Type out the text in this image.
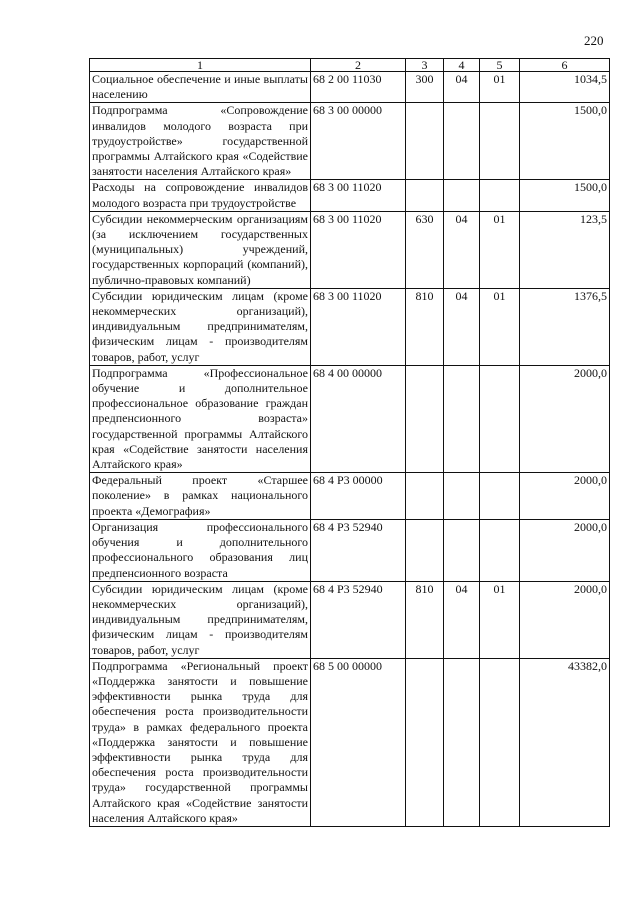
220
1	2	3	4	5	6
Социальное обеспечение и иные выплаты населению	68 2 00 11030	300	04	01	1034,5
Подпрограмма «Сопровождение инвалидов молодого возраста при трудоустройстве» государственной программы Алтайского края «Содействие занятости населения Алтайского края»	68 3 00 00000				1500,0
Расходы на сопровождение инвалидов молодого возраста при трудоустройстве	68 3 00 11020				1500,0
Субсидии некоммерческим организациям (за исключением государственных (муниципальных) учреждений, государственных корпораций (компаний), публично-правовых компаний)	68 3 00 11020	630	04	01	123,5
Субсидии юридическим лицам (кроме некоммерческих организаций), индивидуальным предпринимателям, физическим лицам - производителям товаров, работ, услуг	68 3 00 11020	810	04	01	1376,5
Подпрограмма «Профессиональное обучение и дополнительное профессиональное образование граждан предпенсионного возраста» государственной программы Алтайского края «Содействие занятости населения Алтайского края»	68 4 00 00000				2000,0
Федеральный проект «Старшее поколение» в рамках национального проекта «Демография»	68 4 P3 00000				2000,0
Организация профессионального обучения и дополнительного профессионального образования лиц предпенсионного возраста	68 4 P3 52940				2000,0
Субсидии юридическим лицам (кроме некоммерческих организаций), индивидуальным предпринимателям, физическим лицам - производителям товаров, работ, услуг	68 4 P3 52940	810	04	01	2000,0
Подпрограмма «Региональный проект «Поддержка занятости и повышение эффективности рынка труда для обеспечения роста производительности труда» в рамках федерального проекта «Поддержка занятости и повышение эффективности рынка труда для обеспечения роста производительности труда» государственной программы Алтайского края «Содействие занятости населения Алтайского края»	68 5 00 00000				43382,0
